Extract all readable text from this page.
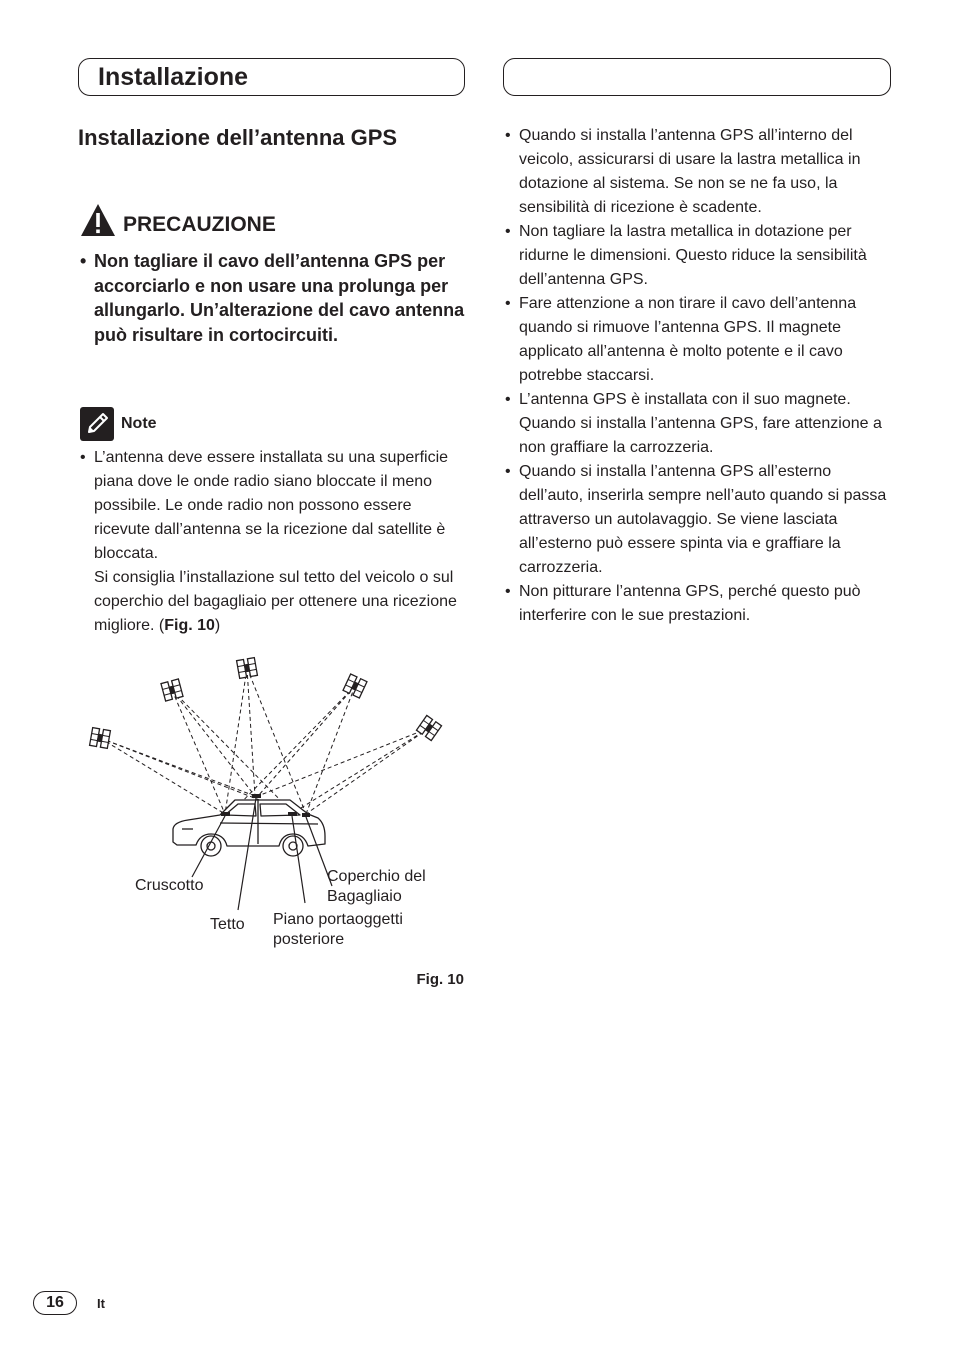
Installazione
Installazione dell’antenna GPS
PRECAUZIONE
• Non tagliare il cavo dell’antenna GPS per accorciarlo e non usare una prolunga per allungarlo. Un’alterazione del cavo antenna può risultare in cortocircuiti.
Note
• L’antenna deve essere installata su una superficie piana dove le onde radio siano bloccate il meno possibile. Le onde radio non possono essere ricevute dall’antenna se la ricezione dal satellite è bloccata.
Si consiglia l’installazione sul tetto del veicolo o sul coperchio del bagagliaio per ottenere una ricezione migliore. (Fig. 10)
Cruscotto
Tetto Piano portaoggetti
posteriore
Coperchio del
Bagagliaio
Fig. 10
• Quando si installa l’antenna GPS all’interno del veicolo, assicurarsi di usare la lastra metallica in dotazione al sistema. Se non se ne fa uso, la sensibilità di ricezione è scadente.
• Non tagliare la lastra metallica in dotazione per ridurne le dimensioni. Questo riduce la sensibilità dell’antenna GPS.
• Fare attenzione a non tirare il cavo dell’antenna quando si rimuove l’antenna GPS. Il magnete applicato all’antenna è molto potente e il cavo potrebbe staccarsi.
• L’antenna GPS è installata con il suo magnete. Quando si installa l’antenna GPS, fare attenzione a non graffiare la carrozzeria.
• Quando si installa l’antenna GPS all’esterno dell’auto, inserirla sempre nell’auto quando si passa attraverso un autolavaggio. Se viene lasciata all’esterno può essere spinta via e graffiare la carrozzeria.
• Non pitturare l’antenna GPS, perché questo può interferire con le sue prestazioni.
16	It
